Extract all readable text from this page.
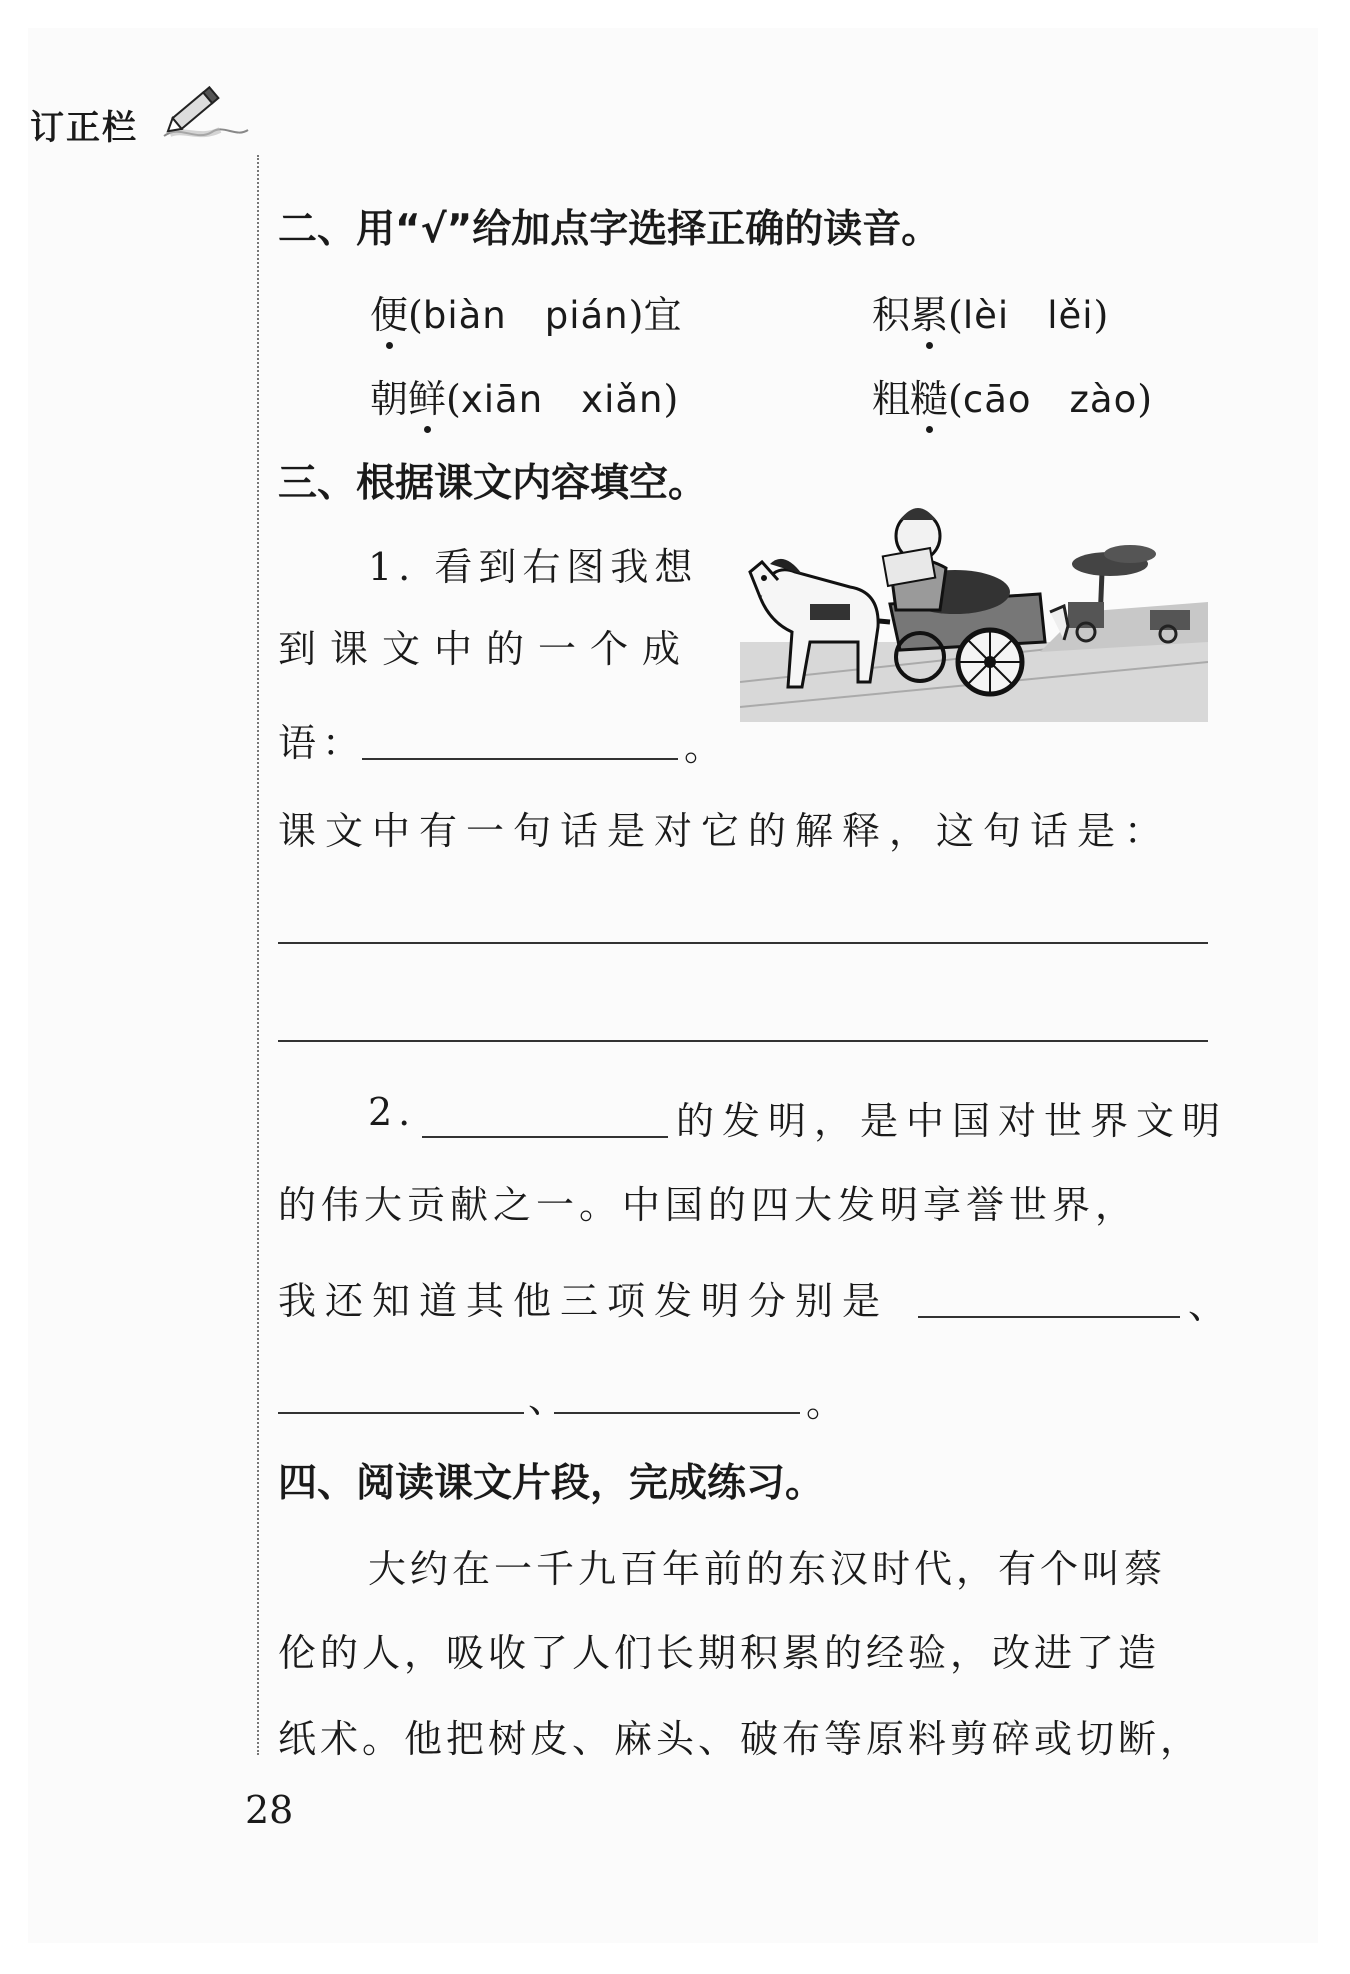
订正栏
二、用“√”给加点字选择正确的读音。
便(biàn pián)宜	积累(lèi lěi)
朝鲜(xiān xiǎn)	粗糙(cāo zào)
三、根据课文内容填空。
1. 看到右图我想
到课文中的一个成
语：	。
课文中有一句话是对它的解释，这句话是：
2.	的发明，是中国对世界文明
的伟大贡献之一。中国的四大发明享誉世界，
我还知道其他三项发明分别是	、
、	。
四、阅读课文片段，完成练习。
大约在一千九百年前的东汉时代，有个叫蔡
伦的人，吸收了人们长期积累的经验，改进了造
纸术。他把树皮、麻头、破布等原料剪碎或切断，
28
